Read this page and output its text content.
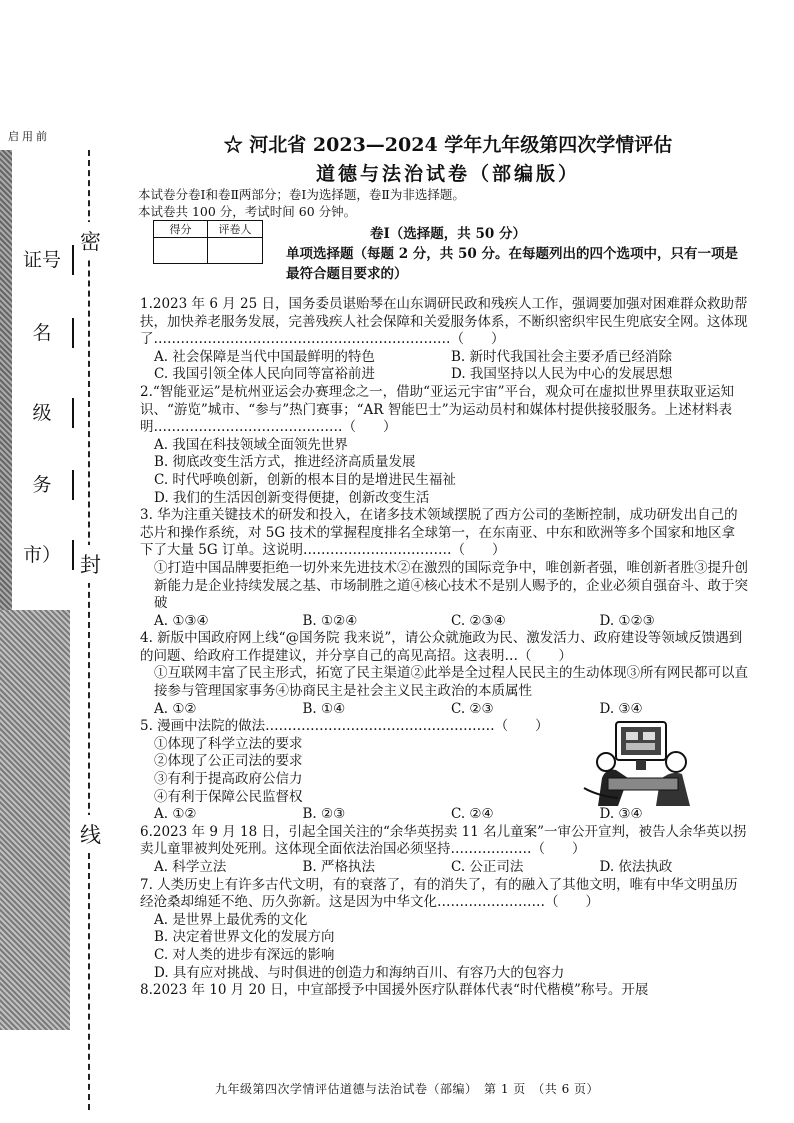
启用前
证号
名
级
务
市）
密
封
线
☆ 河北省 2023—2024 学年九年级第四次学情评估
道德与法治试卷（部编版）
本试卷分卷Ⅰ和卷Ⅱ两部分；卷Ⅰ为选择题，卷Ⅱ为非选择题。
本试卷共 100 分，考试时间 60 分钟。
卷Ⅰ（选择题，共 50 分）
得分	评卷人
单项选择题（每题 2 分，共 50 分。在每题列出的四个选项中，只有一项是最符合题目要求的）

1.2023 年 6 月 25 日，国务委员谌贻琴在山东调研民政和残疾人工作，强调要加强对困难群众救助帮扶，加快养老服务发展，完善残疾人社会保障和关爱服务体系，不断织密织牢民生兜底安全网。这体现了…………………………………………………………（　　）

A. 社会保障是当代中国最鲜明的特色	B. 新时代我国社会主要矛盾已经消除
C. 我国引领全体人民向同等富裕前进	D. 我国坚持以人民为中心的发展思想

2.“智能亚运”是杭州亚运会办赛理念之一，借助“亚运元宇宙”平台，观众可在虚拟世界里获取亚运知识、“游览”城市、“参与”热门赛事；“AR 智能巴士”为运动员村和媒体村提供接驳服务。上述材料表明……………………………………（　　）

A. 我国在科技领域全面领先世界
B. 彻底改变生活方式，推进经济高质量发展
C. 时代呼唤创新，创新的根本目的是增进民生福祉
D. 我们的生活因创新变得便捷，创新改变生活

3. 华为注重关键技术的研发和投入，在诸多技术领域摆脱了西方公司的垄断控制，成功研发出自己的芯片和操作系统，对 5G 技术的掌握程度排名全球第一，在东南亚、中东和欧洲等多个国家和地区拿下了大量 5G 订单。这说明……………………………（　　）

①打造中国品牌要拒绝一切外来先进技术②在激烈的国际竞争中，唯创新者强，唯创新者胜③提升创新能力是企业持续发展之基、市场制胜之道④核心技术不是别人赐予的，企业必须自强奋斗、敢于突破
A. ①③④	B. ①②④	C. ②③④	D. ①②③

4. 新版中国政府网上线“@国务院 我来说”，请公众就施政为民、激发活力、政府建设等领域反馈遇到的问题、给政府工作提建议，并分享自己的高见高招。这表明…（　　）

①互联网丰富了民主形式，拓宽了民主渠道②此举是全过程人民民主的生动体现③所有网民都可以直接参与管理国家事务④协商民主是社会主义民主政治的本质属性
A. ①②	B. ①④	C. ②③	D. ③④

5. 漫画中法院的做法……………………………………………（　　）

①体现了科学立法的要求
②体现了公正司法的要求
③有利于提高政府公信力
④有利于保障公民监督权
A. ①②	B. ②③	C. ②④	D. ③④

6.2023 年 9 月 18 日，引起全国关注的“余华英拐卖 11 名儿童案”一审公开宣判，被告人余华英以拐卖儿童罪被判处死刑。这体现全面依法治国必须坚持………………（　　）

A. 科学立法	B. 严格执法	C. 公正司法	D. 依法执政

7. 人类历史上有许多古代文明，有的衰落了，有的消失了，有的融入了其他文明，唯有中华文明虽历经沧桑却绵延不绝、历久弥新。这是因为中华文化……………………（　　）

A. 是世界上最优秀的文化
B. 决定着世界文化的发展方向
C. 对人类的进步有深远的影响
D. 具有应对挑战、与时俱进的创造力和海纳百川、有容乃大的包容力

8.2023 年 10 月 20 日，中宣部授予中国援外医疗队群体代表“时代楷模”称号。开展

九年级第四次学情评估道德与法治试卷（部编）　第 1 页　（共 6 页）
